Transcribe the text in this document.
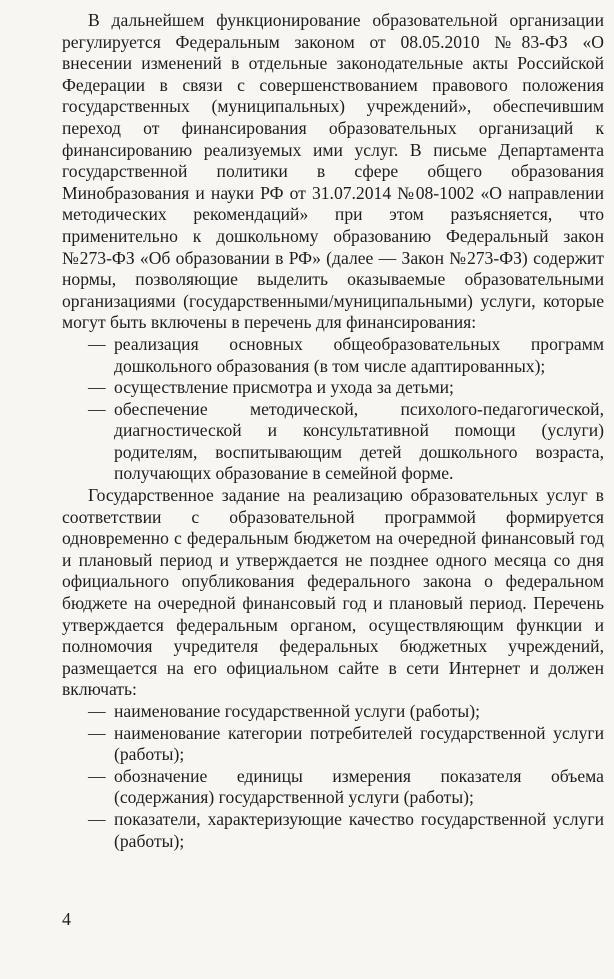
В дальнейшем функционирование образовательной организации регулируется Федеральным законом от 08.05.2010 №83-ФЗ «О внесении изменений в отдельные законодательные акты Российской Федерации в связи с совершенствованием правового положения государственных (муниципальных) учреждений», обеспечившим переход от финансирования образовательных организаций к финансированию реализуемых ими услуг. В письме Департамента государственной политики в сфере общего образования Минобразования и науки РФ от 31.07.2014 №08-1002 «О направлении методических рекомендаций» при этом разъясняется, что применительно к дошкольному образованию Федеральный закон №273-ФЗ «Об образовании в РФ» (далее — Закон №273-ФЗ) содержит нормы, позволяющие выделить оказываемые образовательными организациями (государственными/муниципальными) услуги, которые могут быть включены в перечень для финансирования:

— реализация основных общеобразовательных программ дошкольного образования (в том числе адаптированных);
— осуществление присмотра и ухода за детьми;
— обеспечение методической, психолого-педагогической, диагностической и консультативной помощи (услуги) родителям, воспитывающим детей дошкольного возраста, получающих образование в семейной форме.

Государственное задание на реализацию образовательных услуг в соответствии с образовательной программой формируется одновременно с федеральным бюджетом на очередной финансовый год и плановый период и утверждается не позднее одного месяца со дня официального опубликования федерального закона о федеральном бюджете на очередной финансовый год и плановый период. Перечень утверждается федеральным органом, осуществляющим функции и полномочия учредителя федеральных бюджетных учреждений, размещается на его официальном сайте в сети Интернет и должен включать:

— наименование государственной услуги (работы);
— наименование категории потребителей государственной услуги (работы);
— обозначение единицы измерения показателя объема (содержания) государственной услуги (работы);
— показатели, характеризующие качество государственной услуги (работы);
4
